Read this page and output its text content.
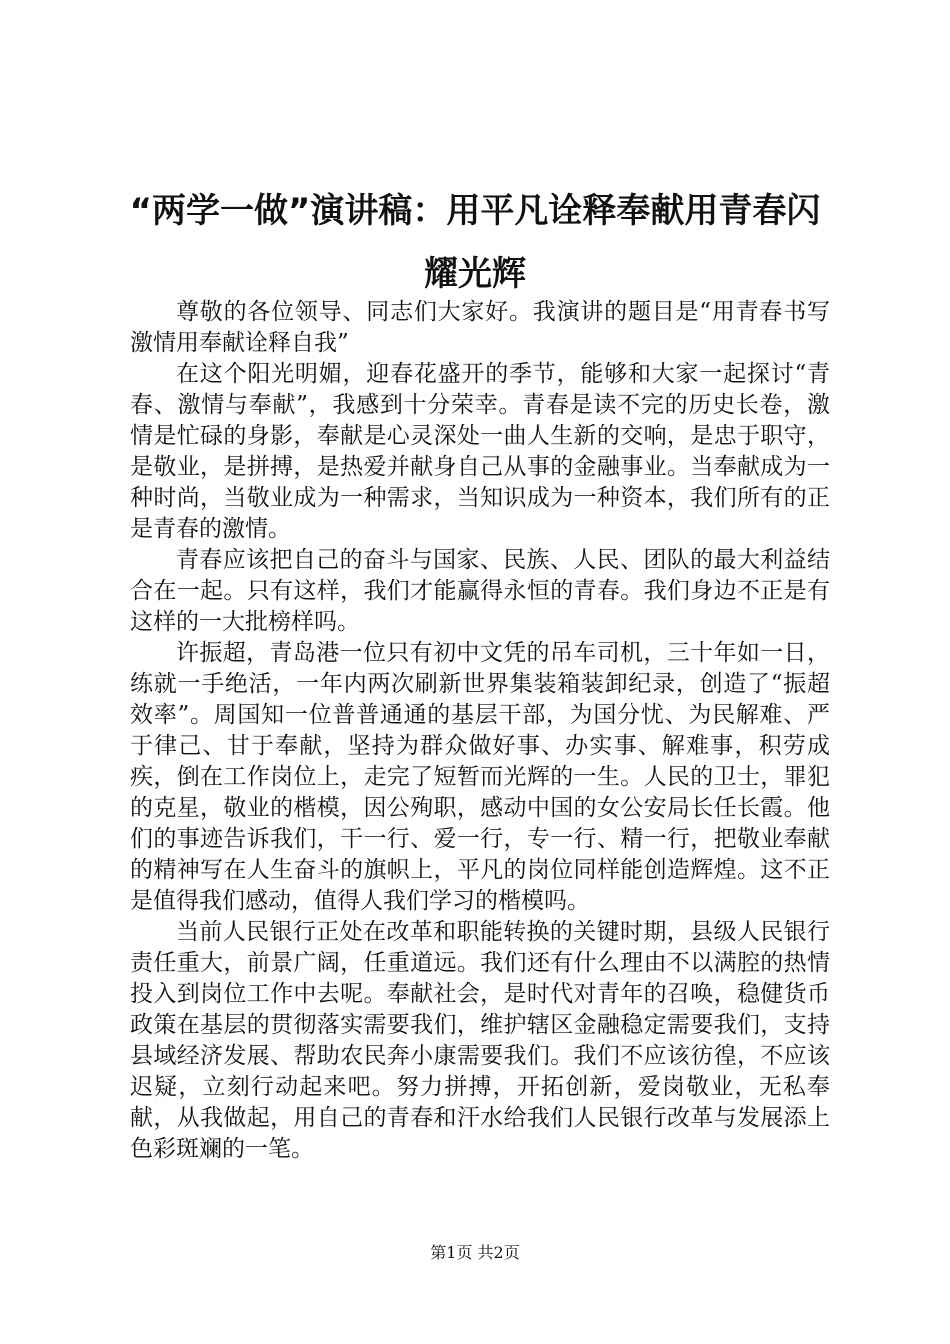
“两学一做”演讲稿：用平凡诠释奉献用青春闪耀光辉

尊敬的各位领导、同志们大家好。我演讲的题目是“用青春书写激情用奉献诠释自我”

在这个阳光明媚，迎春花盛开的季节，能够和大家一起探讨“青春、激情与奉献”，我感到十分荣幸。青春是读不完的历史长卷，激情是忙碌的身影，奉献是心灵深处一曲人生新的交响，是忠于职守，是敬业，是拼搏，是热爱并献身自己从事的金融事业。当奉献成为一种时尚，当敬业成为一种需求，当知识成为一种资本，我们所有的正是青春的激情。

青春应该把自己的奋斗与国家、民族、人民、团队的最大利益结合在一起。只有这样，我们才能赢得永恒的青春。我们身边不正是有这样的一大批榜样吗。

许振超，青岛港一位只有初中文凭的吊车司机，三十年如一日，练就一手绝活，一年内两次刷新世界集装箱装卸纪录，创造了“振超效率”。周国知一位普普通通的基层干部，为国分忧、为民解难、严于律己、甘于奉献，坚持为群众做好事、办实事、解难事，积劳成疾，倒在工作岗位上，走完了短暂而光辉的一生。人民的卫士，罪犯的克星，敬业的楷模，因公殉职，感动中国的女公安局长任长霞。他们的事迹告诉我们，干一行、爱一行，专一行、精一行，把敬业奉献的精神写在人生奋斗的旗帜上，平凡的岗位同样能创造辉煌。这不正是值得我们感动，值得人我们学习的楷模吗。

当前人民银行正处在改革和职能转换的关键时期，县级人民银行责任重大，前景广阔，任重道远。我们还有什么理由不以满腔的热情投入到岗位工作中去呢。奉献社会，是时代对青年的召唤，稳健货币政策在基层的贯彻落实需要我们，维护辖区金融稳定需要我们，支持县域经济发展、帮助农民奔小康需要我们。我们不应该彷徨，不应该迟疑，立刻行动起来吧。努力拼搏，开拓创新，爱岗敬业，无私奉献，从我做起，用自己的青春和汗水给我们人民银行改革与发展添上色彩斑斓的一笔。

第1页 共2页
